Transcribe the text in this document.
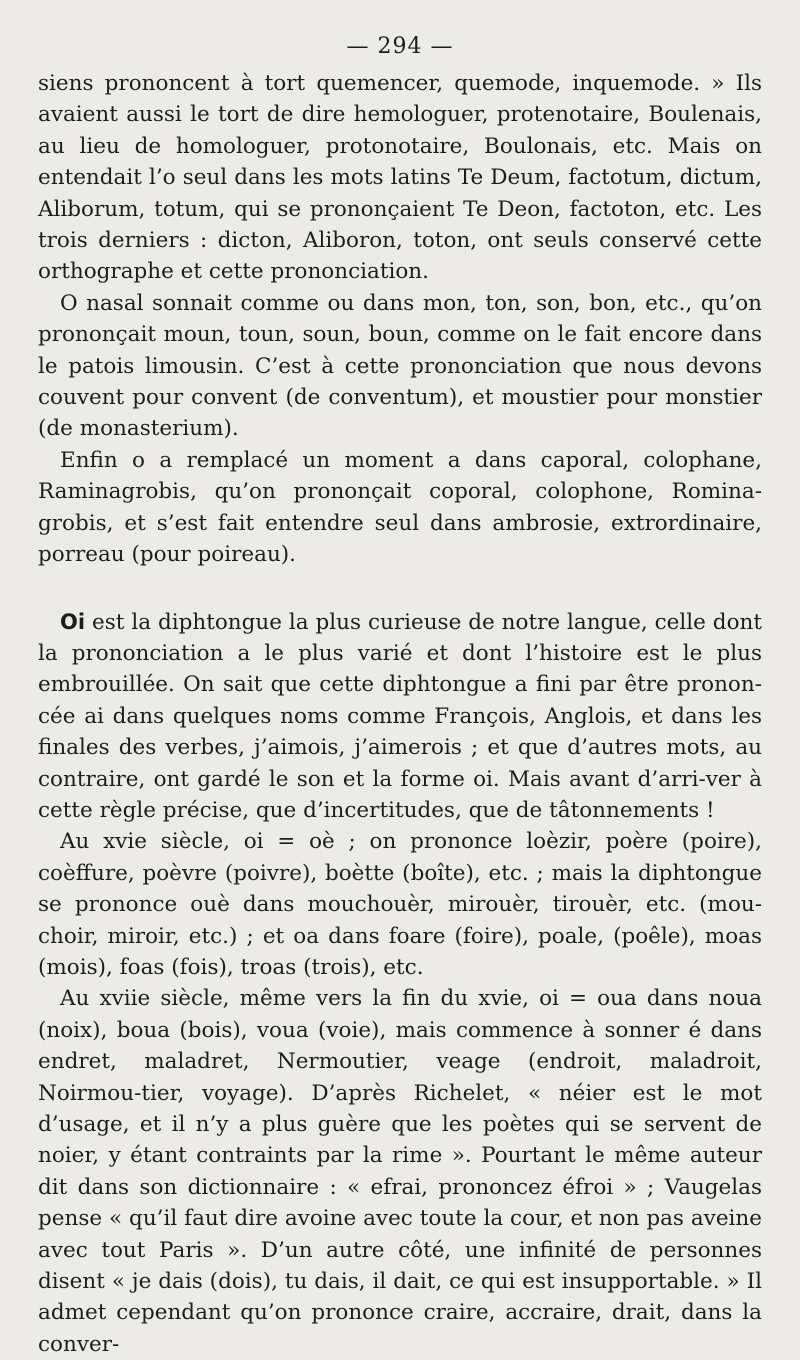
— 294 —

siens prononcent à tort quemencer, quemode, inquemode. » Ils avaient aussi le tort de dire hemologuer, protenotaire, Boulenais, au lieu de homologuer, protonotaire, Boulonais, etc. Mais on entendait l’o seul dans les mots latins Te Deum, factotum, dictum, Aliborum, totum, qui se prononçaient Te Deon, factoton, etc. Les trois derniers : dicton, Aliboron, toton, ont seuls conservé cette orthographe et cette prononciation.

O nasal sonnait comme ou dans mon, ton, son, bon, etc., qu’on prononçait moun, toun, soun, boun, comme on le fait encore dans le patois limousin. C’est à cette prononciation que nous devons couvent pour convent (de conventum), et moustier pour monstier (de monasterium).

Enfin o a remplacé un moment a dans caporal, colophane, Raminagrobis, qu’on prononçait coporal, colophone, Romina-grobis, et s’est fait entendre seul dans ambrosie, extrordinaire, porreau (pour poireau).

Oi est la diphtongue la plus curieuse de notre langue, celle dont la prononciation a le plus varié et dont l’histoire est le plus embrouillée. On sait que cette diphtongue a fini par être pronon-cée ai dans quelques noms comme François, Anglois, et dans les finales des verbes, j’aimois, j’aimerois ; et que d’autres mots, au contraire, ont gardé le son et la forme oi. Mais avant d’arri-ver à cette règle précise, que d’incertitudes, que de tâtonnements !

Au xvie siècle, oi = oè ; on prononce loèzir, poère (poire), coèffure, poèvre (poivre), boètte (boîte), etc. ; mais la diphtongue se prononce ouè dans mouchouèr, mirouèr, tirouèr, etc. (mou-choir, miroir, etc.) ; et oa dans foare (foire), poale, (poêle), moas (mois), foas (fois), troas (trois), etc.

Au xviie siècle, même vers la fin du xvie, oi = oua dans noua (noix), boua (bois), voua (voie), mais commence à sonner é dans endret, maladret, Nermoutier, veage (endroit, maladroit, Noirmou-tier, voyage). D’après Richelet, « néier est le mot d’usage, et il n’y a plus guère que les poètes qui se servent de noier, y étant contraints par la rime ». Pourtant le même auteur dit dans son dictionnaire : « efrai, prononcez éfroi » ; Vaugelas pense « qu’il faut dire avoine avec toute la cour, et non pas aveine avec tout Paris ». D’un autre côté, une infinité de personnes disent « je dais (dois), tu dais, il dait, ce qui est insupportable. » Il admet cependant qu’on prononce craire, accraire, drait, dans la conver-
